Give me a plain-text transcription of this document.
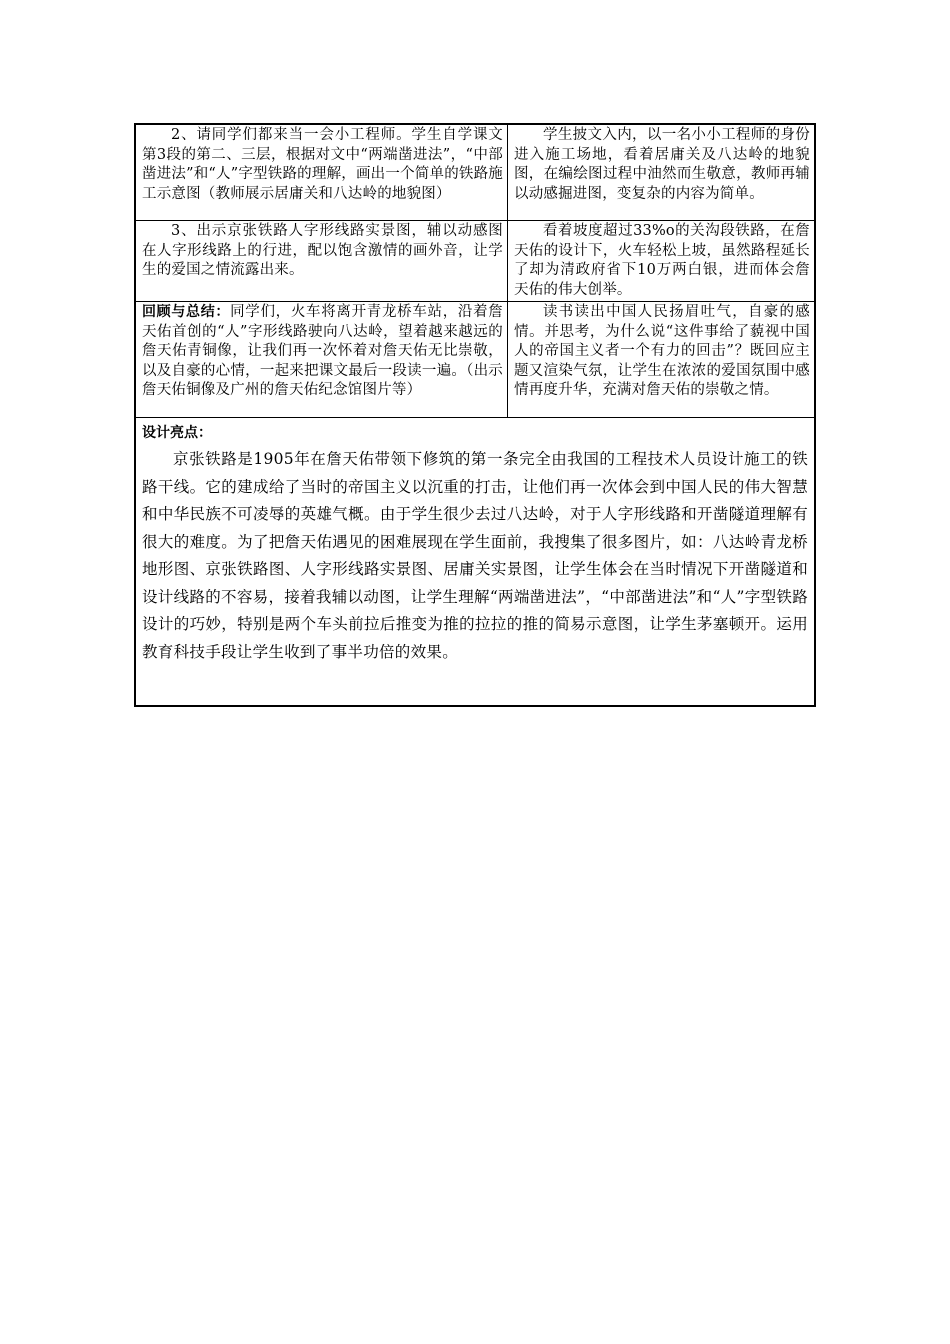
2、请同学们都来当一会小工程师。学生自学课文第3段的第二、三层，根据对文中“两端凿进法”，“中部凿进法”和“人”字型铁路的理解，画出一个简单的铁路施工示意图（教师展示居庸关和八达岭的地貌图）

学生披文入内，以一名小小工程师的身份进入施工场地，看着居庸关及八达岭的地貌图，在编绘图过程中油然而生敬意，教师再辅以动感掘进图，变复杂的内容为简单。

3、出示京张铁路人字形线路实景图，辅以动感图在人字形线路上的行进，配以饱含激情的画外音，让学生的爱国之情流露出来。

看着坡度超过33%o的关沟段铁路，在詹天佑的设计下，火车轻松上坡，虽然路程延长了却为清政府省下10万两白银，进而体会詹天佑的伟大创举。

回顾与总结：同学们，火车将离开青龙桥车站，沿着詹天佑首创的“人”字形线路驶向八达岭，望着越来越远的詹天佑青铜像，让我们再一次怀着对詹天佑无比崇敬，以及自豪的心情，一起来把课文最后一段读一遍。（出示詹天佑铜像及广州的詹天佑纪念馆图片等）

读书读出中国人民扬眉吐气，自豪的感情。并思考，为什么说“这件事给了藐视中国人的帝国主义者一个有力的回击”？既回应主题又渲染气氛，让学生在浓浓的爱国氛围中感情再度升华，充满对詹天佑的崇敬之情。

设计亮点：

京张铁路是1905年在詹天佑带领下修筑的第一条完全由我国的工程技术人员设计施工的铁路干线。它的建成给了当时的帝国主义以沉重的打击，让他们再一次体会到中国人民的伟大智慧和中华民族不可凌辱的英雄气概。由于学生很少去过八达岭，对于人字形线路和开凿隧道理解有很大的难度。为了把詹天佑遇见的困难展现在学生面前，我搜集了很多图片，如：八达岭青龙桥地形图、京张铁路图、人字形线路实景图、居庸关实景图，让学生体会在当时情况下开凿隧道和设计线路的不容易，接着我辅以动图，让学生理解“两端凿进法”，“中部凿进法”和“人”字型铁路设计的巧妙，特别是两个车头前拉后推变为推的拉拉的推的简易示意图，让学生茅塞顿开。运用教育科技手段让学生收到了事半功倍的效果。
